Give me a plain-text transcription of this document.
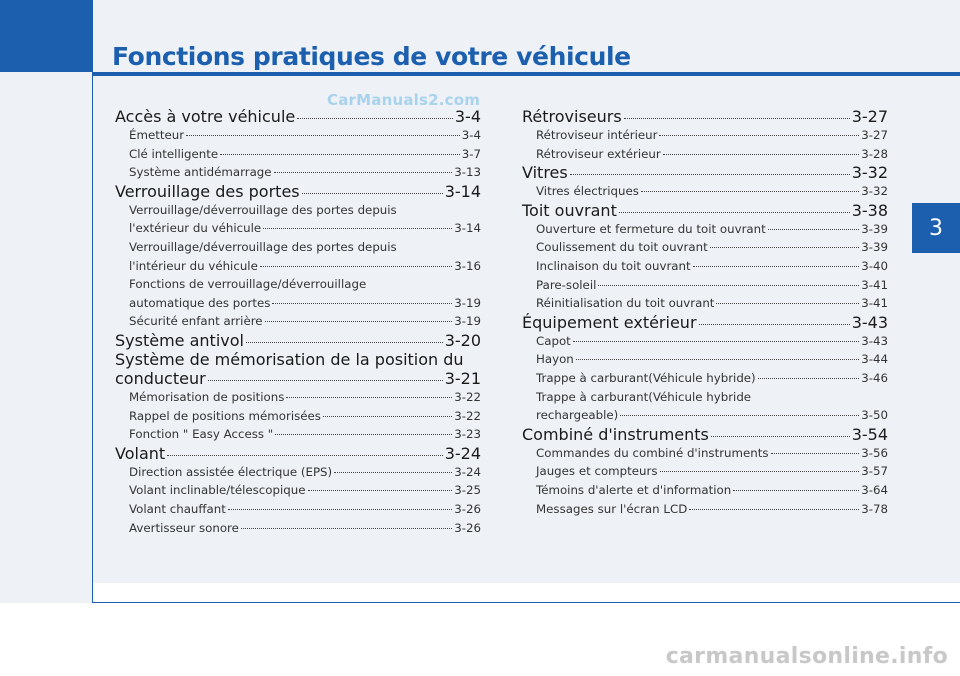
Fonctions pratiques de votre véhicule
3
CarManuals2.com
carmanualsonline.info
Accès à votre véhicule	3-4
Émetteur	3-4
Clé intelligente	3-7
Système antidémarrage	3-13
Verrouillage des portes	3-14
Verrouillage/déverrouillage des portes depuis
l'extérieur du véhicule	3-14
Verrouillage/déverrouillage des portes depuis
l'intérieur du véhicule	3-16
Fonctions de verrouillage/déverrouillage
automatique des portes	3-19
Sécurité enfant arrière	3-19
Système antivol	3-20
Système de mémorisation de la position du
conducteur	3-21
Mémorisation de positions	3-22
Rappel de positions mémorisées	3-22
Fonction " Easy Access "	3-23
Volant	3-24
Direction assistée électrique (EPS)	3-24
Volant inclinable/télescopique	3-25
Volant chauffant	3-26
Avertisseur sonore	3-26
Rétroviseurs	3-27
Rétroviseur intérieur	3-27
Rétroviseur extérieur	3-28
Vitres	3-32
Vitres électriques	3-32
Toit ouvrant	3-38
Ouverture et fermeture du toit ouvrant	3-39
Coulissement du toit ouvrant	3-39
Inclinaison du toit ouvrant	3-40
Pare-soleil	3-41
Réinitialisation du toit ouvrant	3-41
Équipement extérieur	3-43
Capot	3-43
Hayon	3-44
Trappe à carburant(Véhicule hybride)	3-46
Trappe à carburant(Véhicule hybride
rechargeable)	3-50
Combiné d'instruments	3-54
Commandes du combiné d'instruments	3-56
Jauges et compteurs	3-57
Témoins d'alerte et d'information	3-64
Messages sur l'écran LCD	3-78
